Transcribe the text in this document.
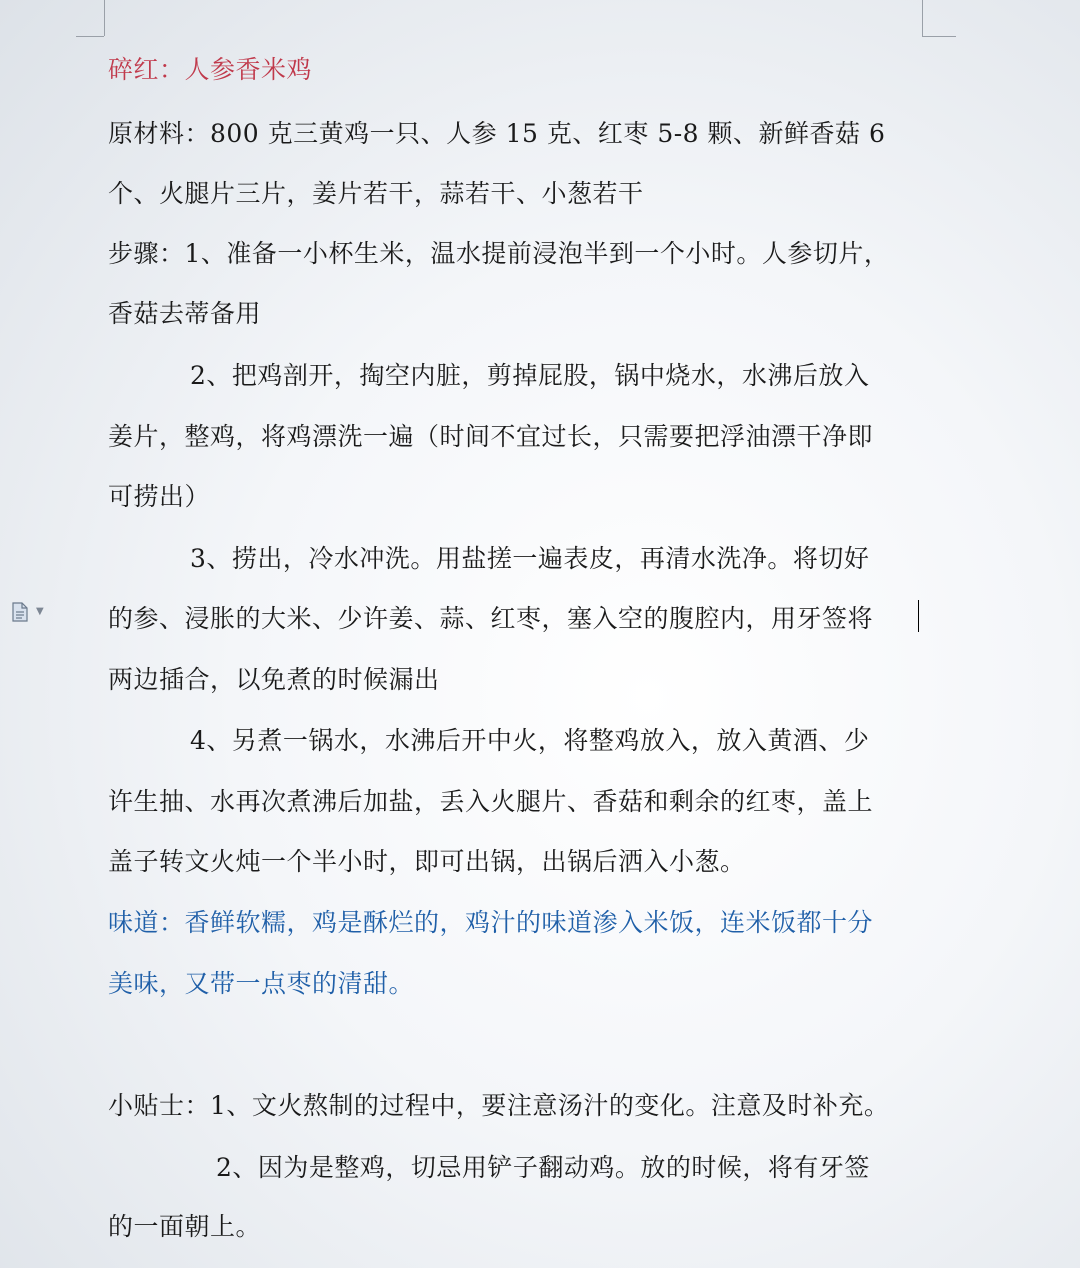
▼
碎红：人参香米鸡
原材料：800 克三黄鸡一只、人参 15 克、红枣 5-8 颗、新鲜香菇 6
个、火腿片三片，姜片若干，蒜若干、小葱若干
步骤：1、准备一小杯生米，温水提前浸泡半到一个小时。人参切片，
香菇去蒂备用
2、把鸡剖开，掏空内脏，剪掉屁股，锅中烧水，水沸后放入
姜片，整鸡，将鸡漂洗一遍（时间不宜过长，只需要把浮油漂干净即
可捞出）
3、捞出，冷水冲洗。用盐搓一遍表皮，再清水洗净。将切好
的参、浸胀的大米、少许姜、蒜、红枣，塞入空的腹腔内，用牙签将
两边插合，以免煮的时候漏出
4、另煮一锅水，水沸后开中火，将整鸡放入，放入黄酒、少
许生抽、水再次煮沸后加盐，丢入火腿片、香菇和剩余的红枣，盖上
盖子转文火炖一个半小时，即可出锅，出锅后洒入小葱。
味道：香鲜软糯，鸡是酥烂的，鸡汁的味道渗入米饭，连米饭都十分
美味，又带一点枣的清甜。
小贴士：1、文火熬制的过程中，要注意汤汁的变化。注意及时补充。
2、因为是整鸡，切忌用铲子翻动鸡。放的时候，将有牙签
的一面朝上。
